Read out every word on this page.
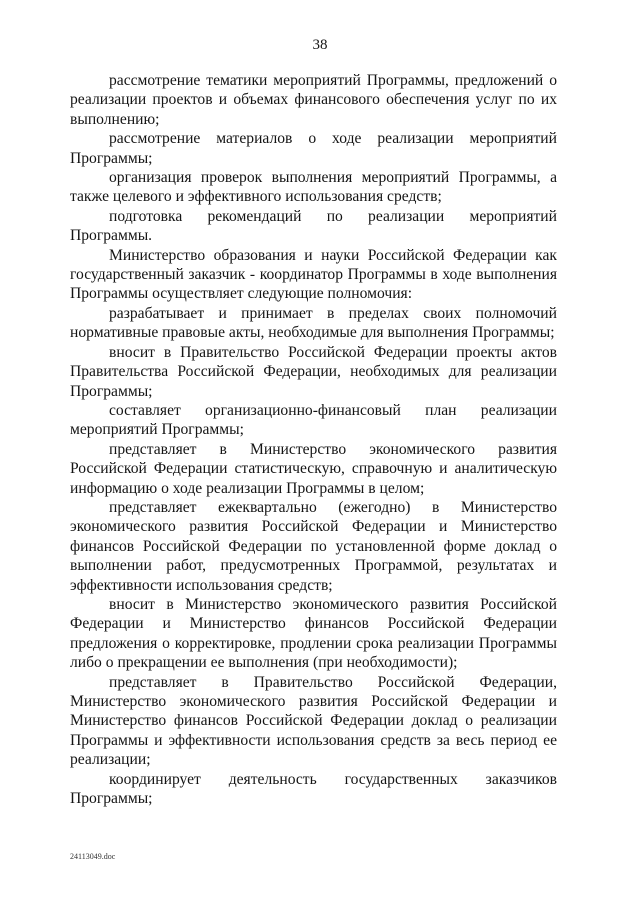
38

рассмотрение тематики мероприятий Программы, предложений о реализации проектов и объемах финансового обеспечения услуг по их выполнению;

рассмотрение материалов о ходе реализации мероприятий Программы;

организация проверок выполнения мероприятий Программы, а также целевого и эффективного использования средств;

подготовка рекомендаций по реализации мероприятий Программы.

Министерство образования и науки Российской Федерации как государственный заказчик - координатор Программы в ходе выполнения Программы осуществляет следующие полномочия:

разрабатывает и принимает в пределах своих полномочий нормативные правовые акты, необходимые для выполнения Программы;

вносит в Правительство Российской Федерации проекты актов Правительства Российской Федерации, необходимых для реализации Программы;

составляет организационно-финансовый план реализации мероприятий Программы;

представляет в Министерство экономического развития Российской Федерации статистическую, справочную и аналитическую информацию о ходе реализации Программы в целом;

представляет ежеквартально (ежегодно) в Министерство экономического развития Российской Федерации и Министерство финансов Российской Федерации по установленной форме доклад о выполнении работ, предусмотренных Программой, результатах и эффективности использования средств;

вносит в Министерство экономического развития Российской Федерации и Министерство финансов Российской Федерации предложения о корректировке, продлении срока реализации Программы либо о прекращении ее выполнения (при необходимости);

представляет в Правительство Российской Федерации, Министерство экономического развития Российской Федерации и Министерство финансов Российской Федерации доклад о реализации Программы и эффективности использования средств за весь период ее реализации;

координирует деятельность государственных заказчиков Программы;

24113049.doc
